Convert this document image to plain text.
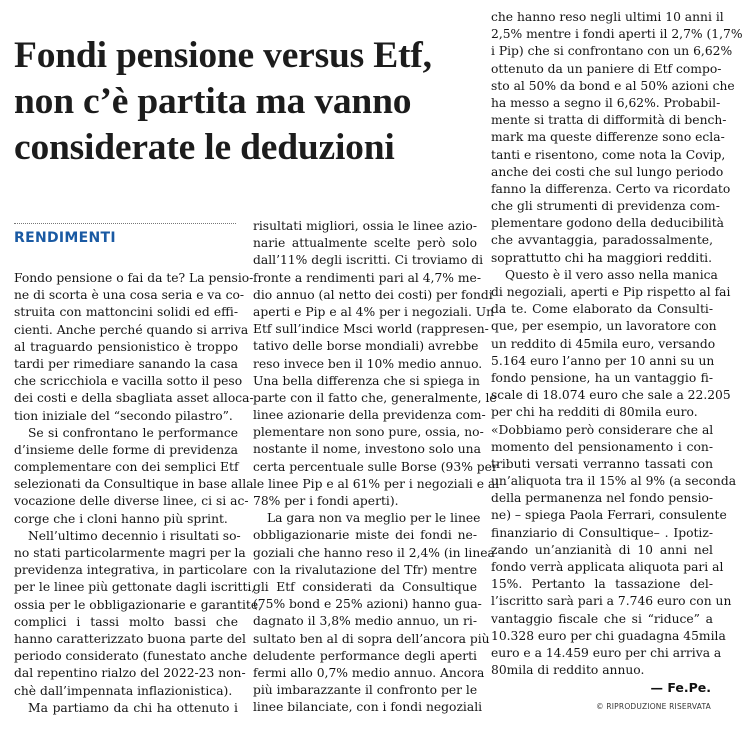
Fondi pensione versus Etf,
non c’è partita ma vanno
considerate le deduzioni
RENDIMENTI
Fondo pensione o fai da te? La pensio-
ne di scorta è una cosa seria e va co-
struita con mattoncini solidi ed effi-
cienti. Anche perché quando si arriva
al traguardo pensionistico è troppo
tardi per rimediare sanando la casa
che scricchiola e vacilla sotto il peso
dei costi e della sbagliata asset alloca-
tion iniziale del “secondo pilastro”.
Se si confrontano le performance
d’insieme delle forme di previdenza
complementare con dei semplici Etf
selezionati da Consultique in base alla
vocazione delle diverse linee, ci si ac-
corge che i cloni hanno più sprint.
Nell’ultimo decennio i risultati so-
no stati particolarmente magri per la
previdenza integrativa, in particolare
per le linee più gettonate dagli iscritti,
ossia per le obbligazionarie e garantite,
complici i tassi molto bassi che
hanno caratterizzato buona parte del
periodo considerato (funestato anche
dal repentino rialzo del 2022-23 non-
chè dall’impennata inflazionistica).
Ma partiamo da chi ha ottenuto i
risultati migliori, ossia le linee azio-
narie attualmente scelte però solo
dall’11% degli iscritti. Ci troviamo di
fronte a rendimenti pari al 4,7% me-
dio annuo (al netto dei costi) per fondi
aperti e Pip e al 4% per i negoziali. Un
Etf sull’indice Msci world (rappresen-
tativo delle borse mondiali) avrebbe
reso invece ben il 10% medio annuo.
Una bella differenza che si spiega in
parte con il fatto che, generalmente, le
linee azionarie della previdenza com-
plementare non sono pure, ossia, no-
nostante il nome, investono solo una
certa percentuale sulle Borse (93% per
le linee Pip e al 61% per i negoziali e al
78% per i fondi aperti).
La gara non va meglio per le linee
obbligazionarie miste dei fondi ne-
goziali che hanno reso il 2,4% (in linea
con la rivalutazione del Tfr) mentre
gli Etf considerati da Consultique
(75% bond e 25% azioni) hanno gua-
dagnato il 3,8% medio annuo, un ri-
sultato ben al di sopra dell’ancora più
deludente performance degli aperti
fermi allo 0,7% medio annuo. Ancora
più imbarazzante il confronto per le
linee bilanciate, con i fondi negoziali
che hanno reso negli ultimi 10 anni il
2,5% mentre i fondi aperti il 2,7% (1,7%
i Pip) che si confrontano con un 6,62%
ottenuto da un paniere di Etf compo-
sto al 50% da bond e al 50% azioni che
ha messo a segno il 6,62%. Probabil-
mente si tratta di difformità di bench-
mark ma queste differenze sono ecla-
tanti e risentono, come nota la Covip,
anche dei costi che sul lungo periodo
fanno la differenza. Certo va ricordato
che gli strumenti di previdenza com-
plementare godono della deducibilità
che avvantaggia, paradossalmente,
soprattutto chi ha maggiori redditi.
Questo è il vero asso nella manica
di negoziali, aperti e Pip rispetto al fai
da te. Come elaborato da Consulti-
que, per esempio, un lavoratore con
un reddito di 45mila euro, versando
5.164 euro l’anno per 10 anni su un
fondo pensione, ha un vantaggio fi-
scale di 18.074 euro che sale a 22.205
per chi ha redditi di 80mila euro.
«Dobbiamo però considerare che al
momento del pensionamento i con-
tributi versati verranno tassati con
un’aliquota tra il 15% al 9% (a seconda
della permanenza nel fondo pensio-
ne) – spiega Paola Ferrari, consulente
finanziario di Consultique– . Ipotiz-
zando un’anzianità di 10 anni nel
fondo verrà applicata aliquota pari al
15%. Pertanto la tassazione del-
l’iscritto sarà pari a 7.746 euro con un
vantaggio fiscale che si “riduce” a
10.328 euro per chi guadagna 45mila
euro e a 14.459 euro per chi arriva a
80mila di reddito annuo.
— Fe.Pe.
© RIPRODUZIONE RISERVATA
